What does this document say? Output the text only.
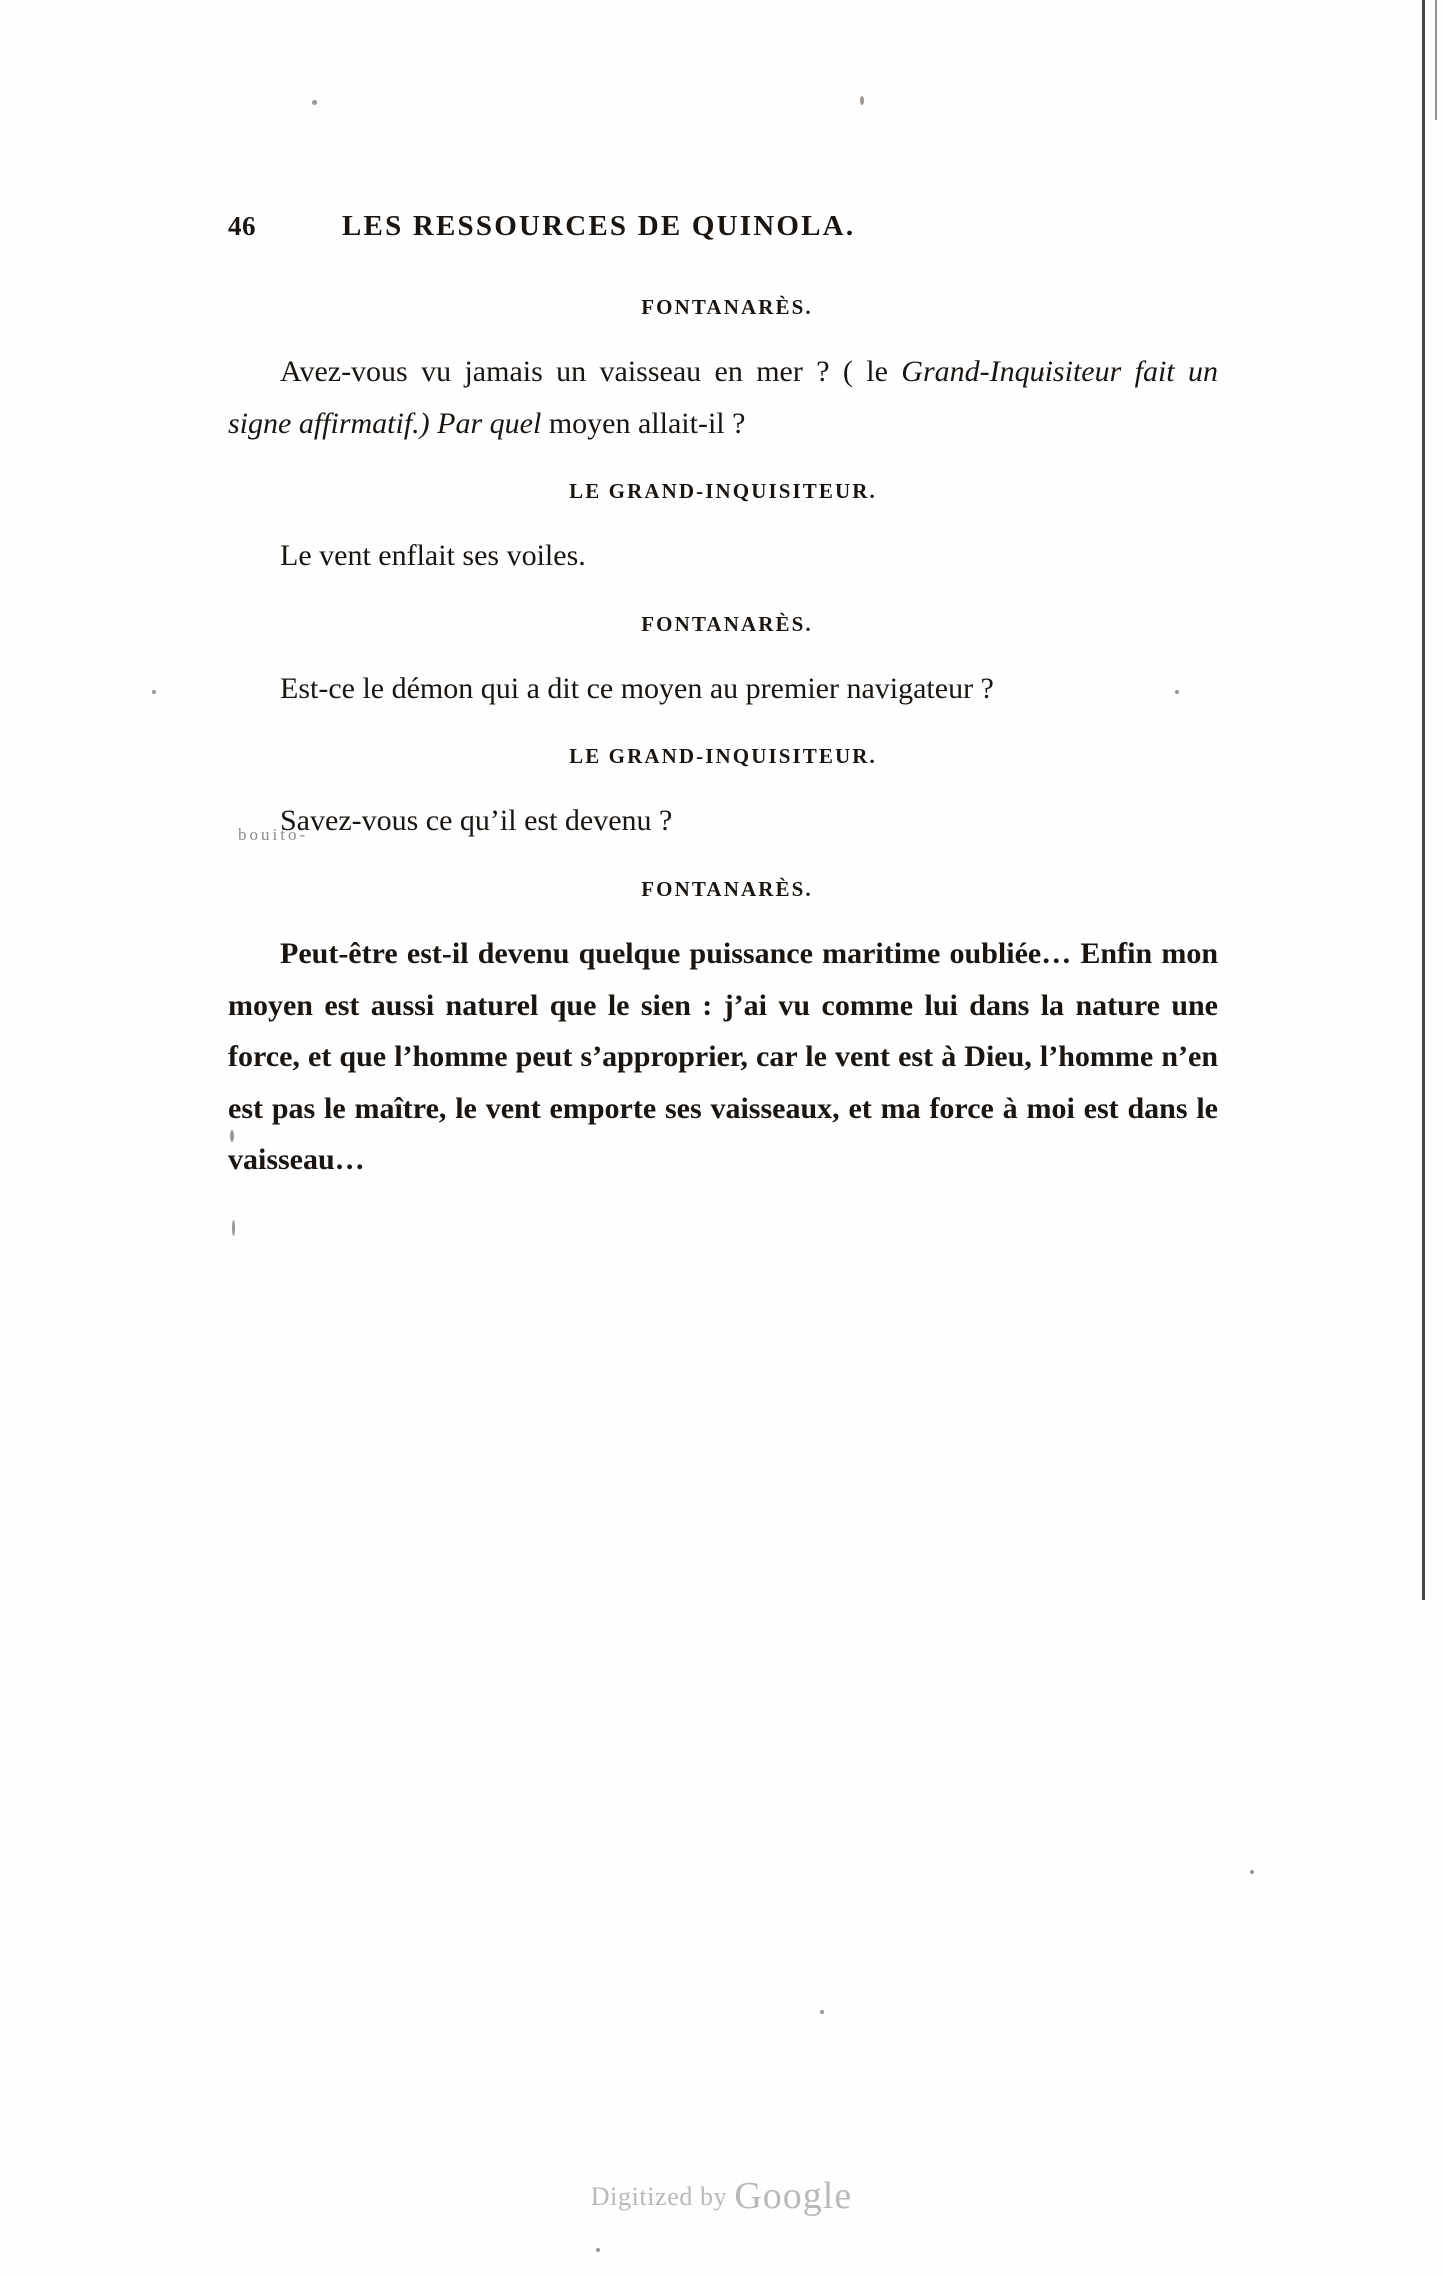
46	LES RESSOURCES DE QUINOLA.
FONTANARÈS.

Avez-vous vu jamais un vaisseau en mer ? ( le Grand-Inquisiteur fait un signe affirmatif.) Par quel moyen allait-il ?

LE GRAND-INQUISITEUR.

Le vent enflait ses voiles.

FONTANARÈS.

Est-ce le démon qui a dit ce moyen au premier navigateur ?

LE GRAND-INQUISITEUR.

Savez-vous ce qu’il est devenu ?

bouito-
FONTANARÈS.

Peut-être est-il devenu quelque puissance maritime oubliée… Enfin mon moyen est aussi naturel que le sien : j’ai vu comme lui dans la nature une force, et que l’homme peut s’approprier, car le vent est à Dieu, l’homme n’en est pas le maître, le vent emporte ses vaisseaux, et ma force à moi est dans le vaisseau…

Digitized by Google
